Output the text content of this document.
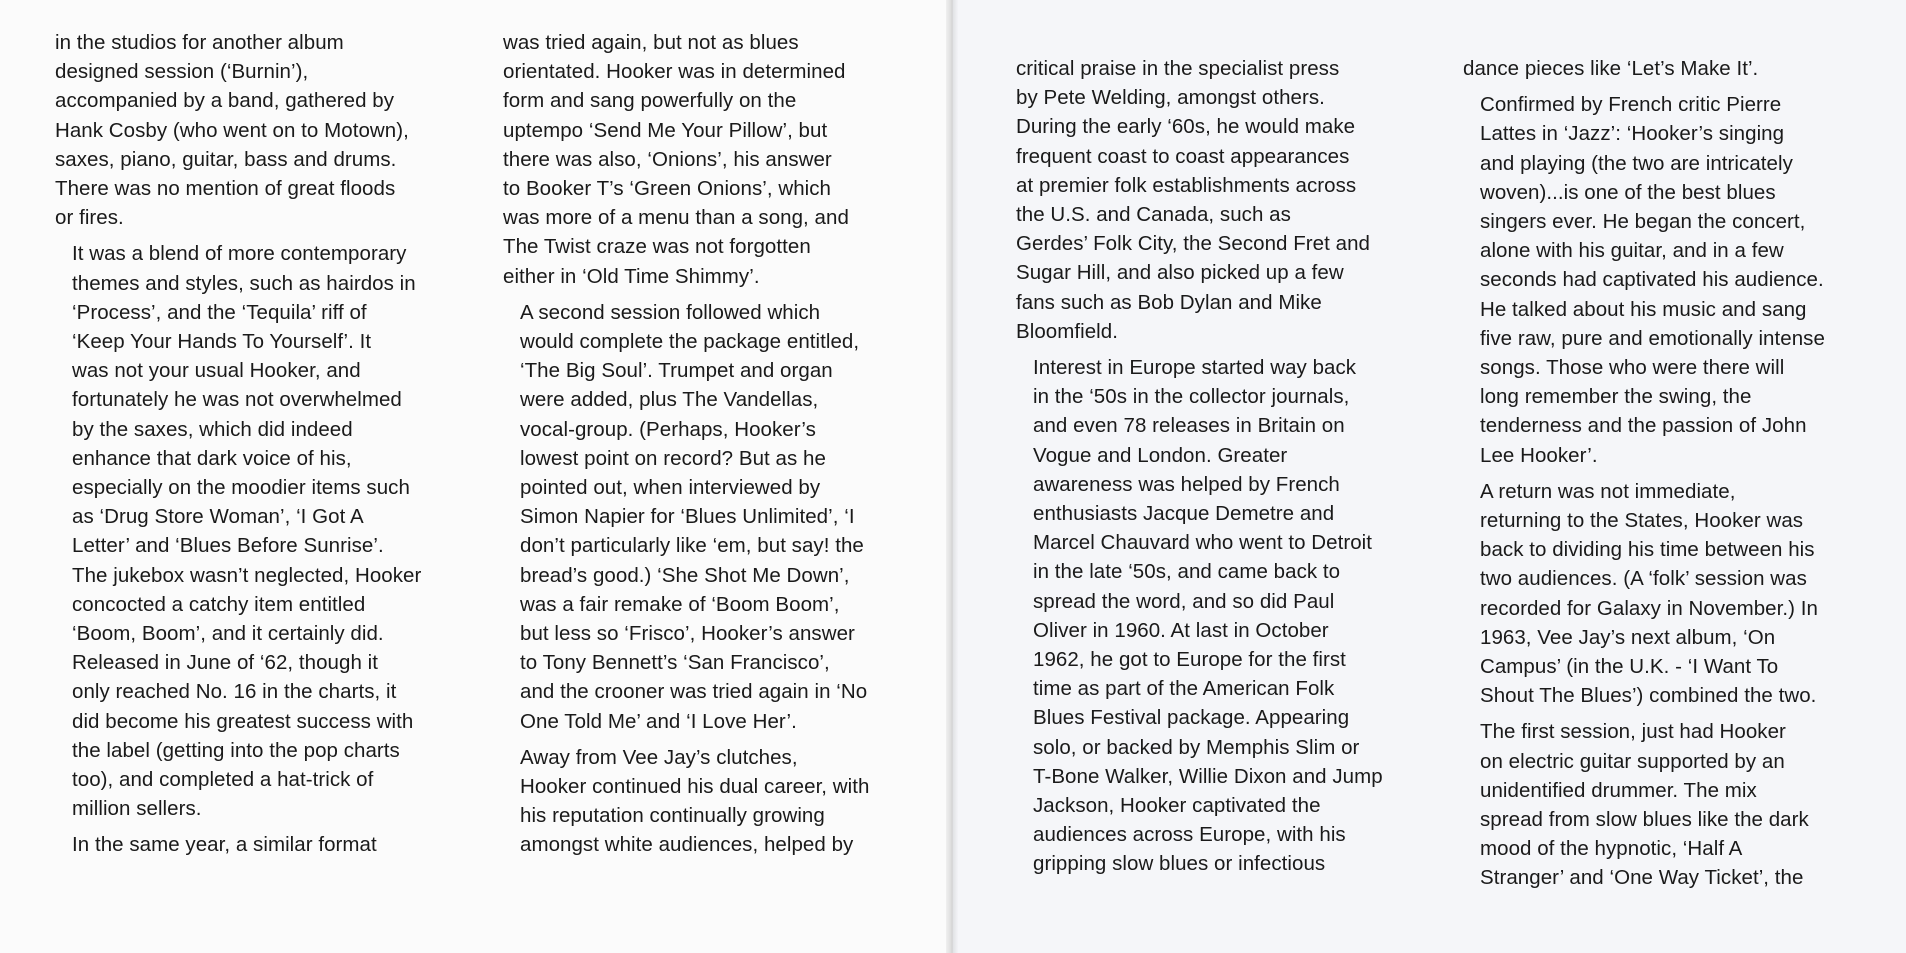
in the studios for another album
designed session (‘Burnin’),
accompanied by a band, gathered by
Hank Cosby (who went on to Motown),
saxes, piano, guitar, bass and drums.
There was no mention of great floods
or fires.

It was a blend of more contemporary
themes and styles, such as hairdos in
‘Process’, and the ‘Tequila’ riff of
‘Keep Your Hands To Yourself’. It
was not your usual Hooker, and
fortunately he was not overwhelmed
by the saxes, which did indeed
enhance that dark voice of his,
especially on the moodier items such
as ‘Drug Store Woman’, ‘I Got A
Letter’ and ‘Blues Before Sunrise’.
The jukebox wasn’t neglected, Hooker
concocted a catchy item entitled
‘Boom, Boom’, and it certainly did.
Released in June of ‘62, though it
only reached No. 16 in the charts, it
did become his greatest success with
the label (getting into the pop charts
too), and completed a hat-trick of
million sellers.

In the same year, a similar format

was tried again, but not as blues
orientated. Hooker was in determined
form and sang powerfully on the
uptempo ‘Send Me Your Pillow’, but
there was also, ‘Onions’, his answer
to Booker T’s ‘Green Onions’, which
was more of a menu than a song, and
The Twist craze was not forgotten
either in ‘Old Time Shimmy’.

A second session followed which
would complete the package entitled,
‘The Big Soul’. Trumpet and organ
were added, plus The Vandellas,
vocal-group. (Perhaps, Hooker’s
lowest point on record? But as he
pointed out, when interviewed by
Simon Napier for ‘Blues Unlimited’, ‘I
don’t particularly like ‘em, but say! the
bread’s good.) ‘She Shot Me Down’,
was a fair remake of ‘Boom Boom’,
but less so ‘Frisco’, Hooker’s answer
to Tony Bennett’s ‘San Francisco’,
and the crooner was tried again in ‘No
One Told Me’ and ‘I Love Her’.

Away from Vee Jay’s clutches,
Hooker continued his dual career, with
his reputation continually growing
amongst white audiences, helped by

critical praise in the specialist press
by Pete Welding, amongst others.
During the early ‘60s, he would make
frequent coast to coast appearances
at premier folk establishments across
the U.S. and Canada, such as
Gerdes’ Folk City, the Second Fret and
Sugar Hill, and also picked up a few
fans such as Bob Dylan and Mike
Bloomfield.

Interest in Europe started way back
in the ‘50s in the collector journals,
and even 78 releases in Britain on
Vogue and London. Greater
awareness was helped by French
enthusiasts Jacque Demetre and
Marcel Chauvard who went to Detroit
in the late ‘50s, and came back to
spread the word, and so did Paul
Oliver in 1960. At last in October
1962, he got to Europe for the first
time as part of the American Folk
Blues Festival package. Appearing
solo, or backed by Memphis Slim or
T-Bone Walker, Willie Dixon and Jump
Jackson, Hooker captivated the
audiences across Europe, with his
gripping slow blues or infectious

dance pieces like ‘Let’s Make It’.

Confirmed by French critic Pierre
Lattes in ‘Jazz’: ‘Hooker’s singing
and playing (the two are intricately
woven)...is one of the best blues
singers ever. He began the concert,
alone with his guitar, and in a few
seconds had captivated his audience.
He talked about his music and sang
five raw, pure and emotionally intense
songs. Those who were there will
long remember the swing, the
tenderness and the passion of John
Lee Hooker’.

A return was not immediate,
returning to the States, Hooker was
back to dividing his time between his
two audiences. (A ‘folk’ session was
recorded for Galaxy in November.) In
1963, Vee Jay’s next album, ‘On
Campus’ (in the U.K. - ‘I Want To
Shout The Blues’) combined the two.

The first session, just had Hooker
on electric guitar supported by an
unidentified drummer. The mix
spread from slow blues like the dark
mood of the hypnotic, ‘Half A
Stranger’ and ‘One Way Ticket’, the
